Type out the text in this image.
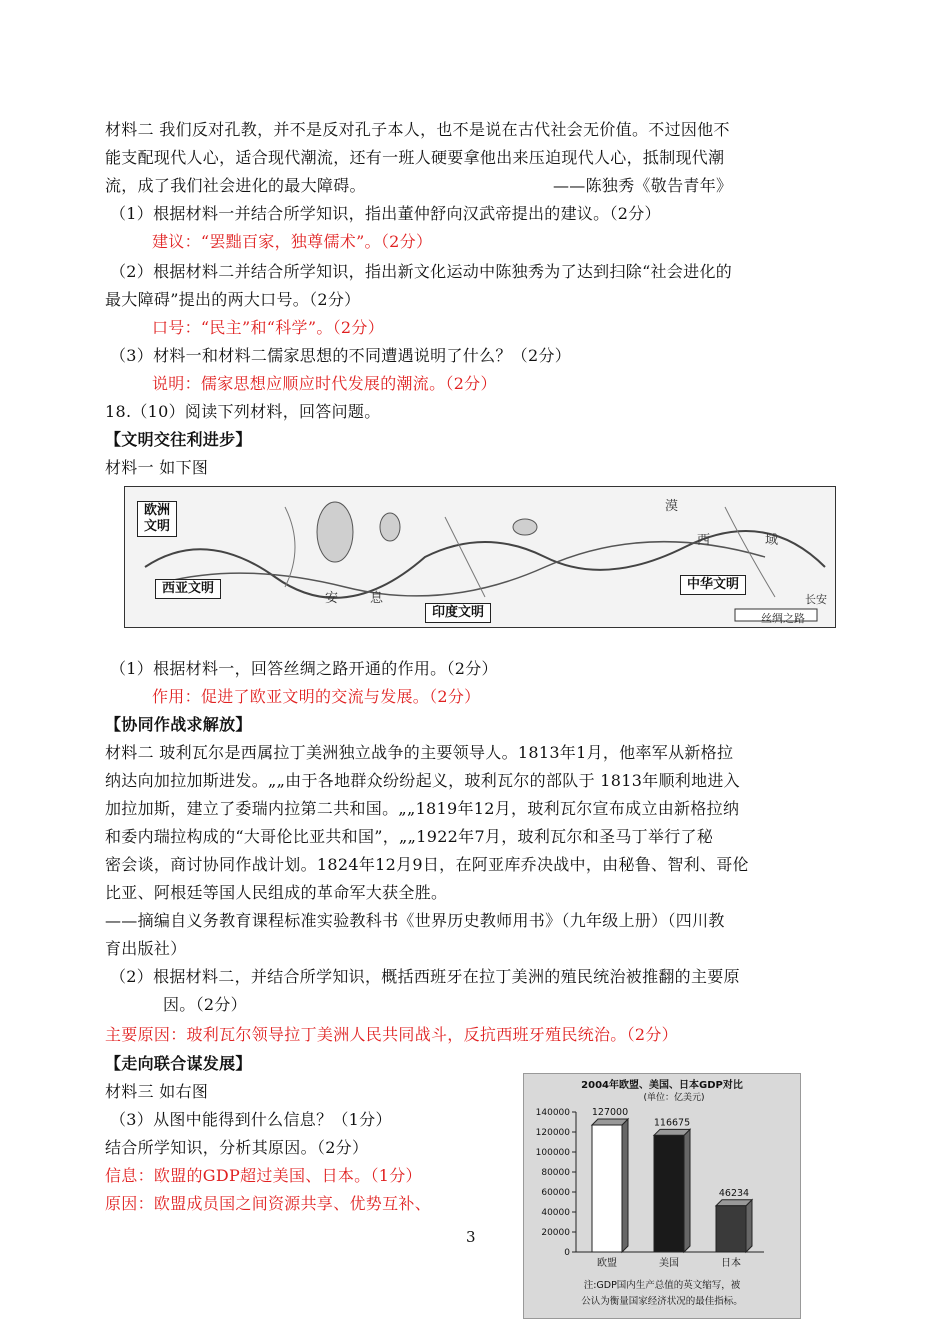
材料二 我们反对孔教，并不是反对孔子本人，也不是说在古代社会无价值。不过因他不
能支配现代人心，适合现代潮流，还有一班人硬要拿他出来压迫现代人心，抵制现代潮
流，成了我们社会进化的最大障碍。	——陈独秀《敬告青年》
（1）根据材料一并结合所学知识，指出董仲舒向汉武帝提出的建议。（2分）
建议：“罢黜百家，独尊儒术”。（2分）
（2）根据材料二并结合所学知识，指出新文化运动中陈独秀为了达到扫除“社会进化的
最大障碍”提出的两大口号。（2分）
口号：“民主”和“科学”。（2分）
（3）材料一和材料二儒家思想的不同遭遇说明了什么？（2分）
说明：儒家思想应顺应时代发展的潮流。（2分）
18.（10）阅读下列材料，回答问题。
【文明交往利进步】
材料一 如下图
欧洲
文明
西亚文明
印度文明
中华文明
长安
丝绸之路
西	域
漠
安 息
（1）根据材料一，回答丝绸之路开通的作用。（2分）
作用：促进了欧亚文明的交流与发展。（2分）
【协同作战求解放】
材料二 玻利瓦尔是西属拉丁美洲独立战争的主要领导人。1813年1月，他率军从新格拉
纳达向加拉加斯进发。„„由于各地群众纷纷起义，玻利瓦尔的部队于 1813年顺利地进入
加拉加斯，建立了委瑞内拉第二共和国。„„1819年12月，玻利瓦尔宣布成立由新格拉纳
和委内瑞拉构成的“大哥伦比亚共和国”，„„1922年7月，玻利瓦尔和圣马丁举行了秘
密会谈，商讨协同作战计划。1824年12月9日，在阿亚库乔决战中，由秘鲁、智利、哥伦
比亚、阿根廷等国人民组成的革命军大获全胜。
——摘编自义务教育课程标准实验教科书《世界历史教师用书》（九年级上册）（四川教
育出版社）
（2）根据材料二，并结合所学知识，概括西班牙在拉丁美洲的殖民统治被推翻的主要原
因。（2分）
主要原因：玻利瓦尔领导拉丁美洲人民共同战斗，反抗西班牙殖民统治。（2分）
【走向联合谋发展】
材料三 如右图
（3）从图中能得到什么信息？（1分）
结合所学知识，分析其原因。（2分）
信息：欧盟的GDP超过美国、日本。（1分）
原因：欧盟成员国之间资源共享、优势互补、
3
2004年欧盟、美国、日本GDP对比
(单位：亿美元)
0
20000
40000
60000
80000
100000
120000
140000 127000
欧盟
116675
美国
46234
日本
注:GDP国内生产总值的英文缩写，被
公认为衡量国家经济状况的最佳指标。
